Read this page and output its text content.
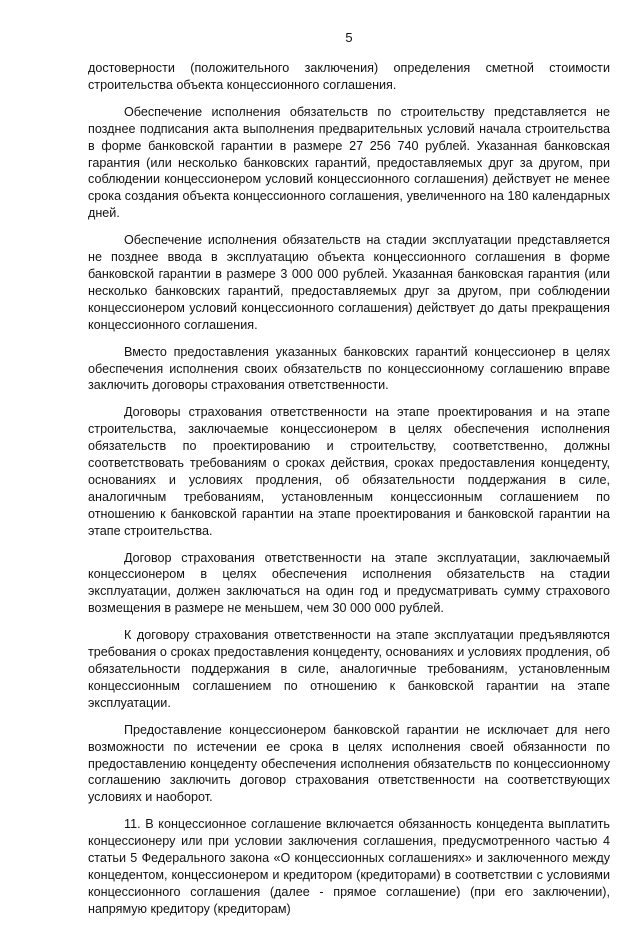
5

достоверности (положительного заключения) определения сметной стоимости строительства объекта концессионного соглашения.

Обеспечение исполнения обязательств по строительству представляется не позднее подписания акта выполнения предварительных условий начала строительства в форме банковской гарантии в размере 27 256 740 рублей. Указанная банковская гарантия (или несколько банковских гарантий, предоставляемых друг за другом, при соблюдении концессионером условий концессионного соглашения) действует не менее срока создания объекта концессионного соглашения, увеличенного на 180 календарных дней.

Обеспечение исполнения обязательств на стадии эксплуатации представляется не позднее ввода в эксплуатацию объекта концессионного соглашения в форме банковской гарантии в размере 3 000 000 рублей. Указанная банковская гарантия (или несколько банковских гарантий, предоставляемых друг за другом, при соблюдении концессионером условий концессионного соглашения) действует до даты прекращения концессионного соглашения.

Вместо предоставления указанных банковских гарантий концессионер в целях обеспечения исполнения своих обязательств по концессионному соглашению вправе заключить договоры страхования ответственности.

Договоры страхования ответственности на этапе проектирования и на этапе строительства, заключаемые концессионером в целях обеспечения исполнения обязательств по проектированию и строительству, соответственно, должны соответствовать требованиям о сроках действия, сроках предоставления концеденту, основаниях и условиях продления, об обязательности поддержания в силе, аналогичным требованиям, установленным концессионным соглашением по отношению к банковской гарантии на этапе проектирования и банковской гарантии на этапе строительства.

Договор страхования ответственности на этапе эксплуатации, заключаемый концессионером в целях обеспечения исполнения обязательств на стадии эксплуатации, должен заключаться на один год и предусматривать сумму страхового возмещения в размере не меньшем, чем 30 000 000 рублей.

К договору страхования ответственности на этапе эксплуатации предъявляются требования о сроках предоставления концеденту, основаниях и условиях продления, об обязательности поддержания в силе, аналогичные требованиям, установленным концессионным соглашением по отношению к банковской гарантии на этапе эксплуатации.

Предоставление концессионером банковской гарантии не исключает для него возможности по истечении ее срока в целях исполнения своей обязанности по предоставлению концеденту обеспечения исполнения обязательств по концессионному соглашению заключить договор страхования ответственности на соответствующих условиях и наоборот.

11. В концессионное соглашение включается обязанность концедента выплатить концессионеру или при условии заключения соглашения, предусмотренного частью 4 статьи 5 Федерального закона «О концессионных соглашениях» и заключенного между концедентом, концессионером и кредитором (кредиторами) в соответствии с условиями концессионного соглашения (далее - прямое соглашение) (при его заключении), напрямую кредитору (кредиторам)
